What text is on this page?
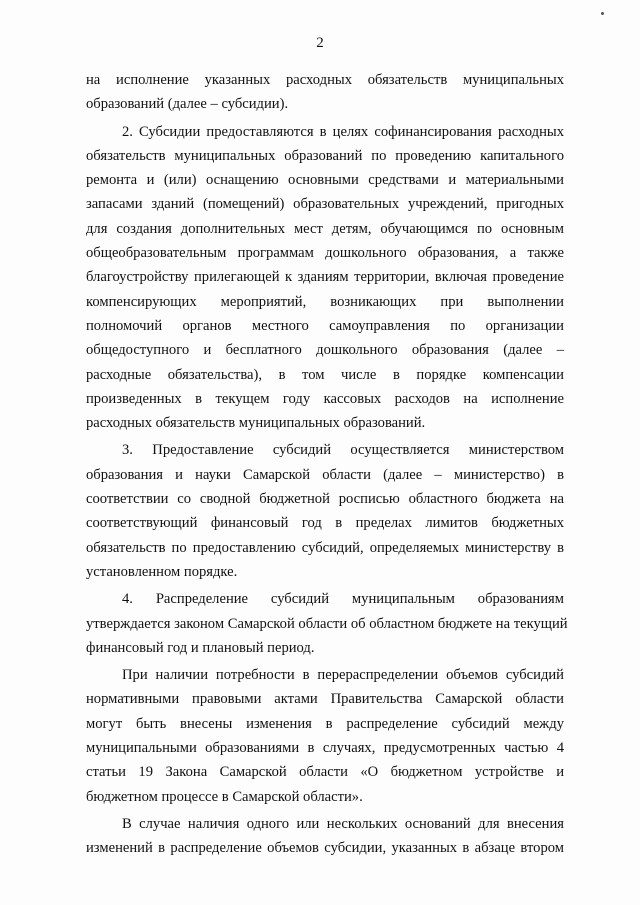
2
на исполнение указанных расходных обязательств муниципальных
образований (далее – субсидии).
2. Субсидии предоставляются в целях софинансирования расходных
обязательств муниципальных образований по проведению капитального
ремонта и (или) оснащению основными средствами и материальными
запасами зданий (помещений) образовательных учреждений, пригодных
для создания дополнительных мест детям, обучающимся по основным
общеобразовательным программам дошкольного образования, а также
благоустройству прилегающей к зданиям территории, включая проведение
компенсирующих мероприятий, возникающих при выполнении
полномочий органов местного самоуправления по организации
общедоступного и бесплатного дошкольного образования (далее –
расходные обязательства), в том числе в порядке компенсации
произведенных в текущем году кассовых расходов на исполнение
расходных обязательств муниципальных образований.
3. Предоставление субсидий осуществляется министерством
образования и науки Самарской области (далее – министерство) в
соответствии со сводной бюджетной росписью областного бюджета на
соответствующий финансовый год в пределах лимитов бюджетных
обязательств по предоставлению субсидий, определяемых министерству в
установленном порядке.
4. Распределение субсидий муниципальным образованиям
утверждается законом Самарской области об областном бюджете на текущий
финансовый год и плановый период.
При наличии потребности в перераспределении объемов субсидий
нормативными правовыми актами Правительства Самарской области
могут быть внесены изменения в распределение субсидий между
муниципальными образованиями в случаях, предусмотренных частью 4
статьи 19 Закона Самарской области «О бюджетном устройстве и
бюджетном процессе в Самарской области».
В случае наличия одного или нескольких оснований для внесения
изменений в распределение объемов субсидии, указанных в абзаце втором
